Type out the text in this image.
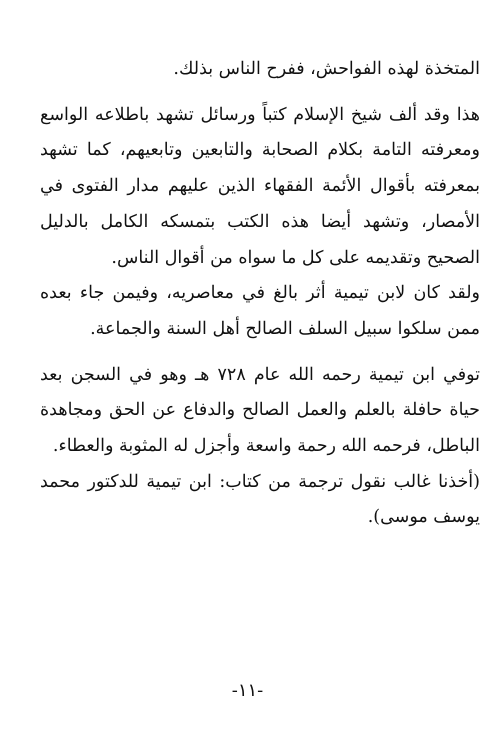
المتخذة لهذه الفواحش، ففرح الناس بذلك.

هذا وقد ألف شيخ الإسلام كتباً ورسائل تشهد باطلاعه الواسع ومعرفته التامة بكلام الصحابة والتابعين وتابعيهم، كما تشهد بمعرفته بأقوال الأئمة الفقهاء الذين عليهم مدار الفتوى في الأمصار، وتشهد أيضا هذه الكتب بتمسكه الكامل بالدليل الصحيح وتقديمه على كل ما سواه من أقوال الناس.

ولقد كان لابن تيمية أثر بالغ في معاصريه، وفيمن جاء بعده ممن سلكوا سبيل السلف الصالح أهل السنة والجماعة.

توفي ابن تيمية رحمه الله عام ٧٢٨ هـ وهو في السجن بعد حياة حافلة بالعلم والعمل الصالح والدفاع عن الحق ومجاهدة الباطل، فرحمه الله رحمة واسعة وأجزل له المثوبة والعطاء.

(أخذنا غالب نقول ترجمة من كتاب: ابن تيمية للدكتور محمد يوسف موسى).

-١١-
